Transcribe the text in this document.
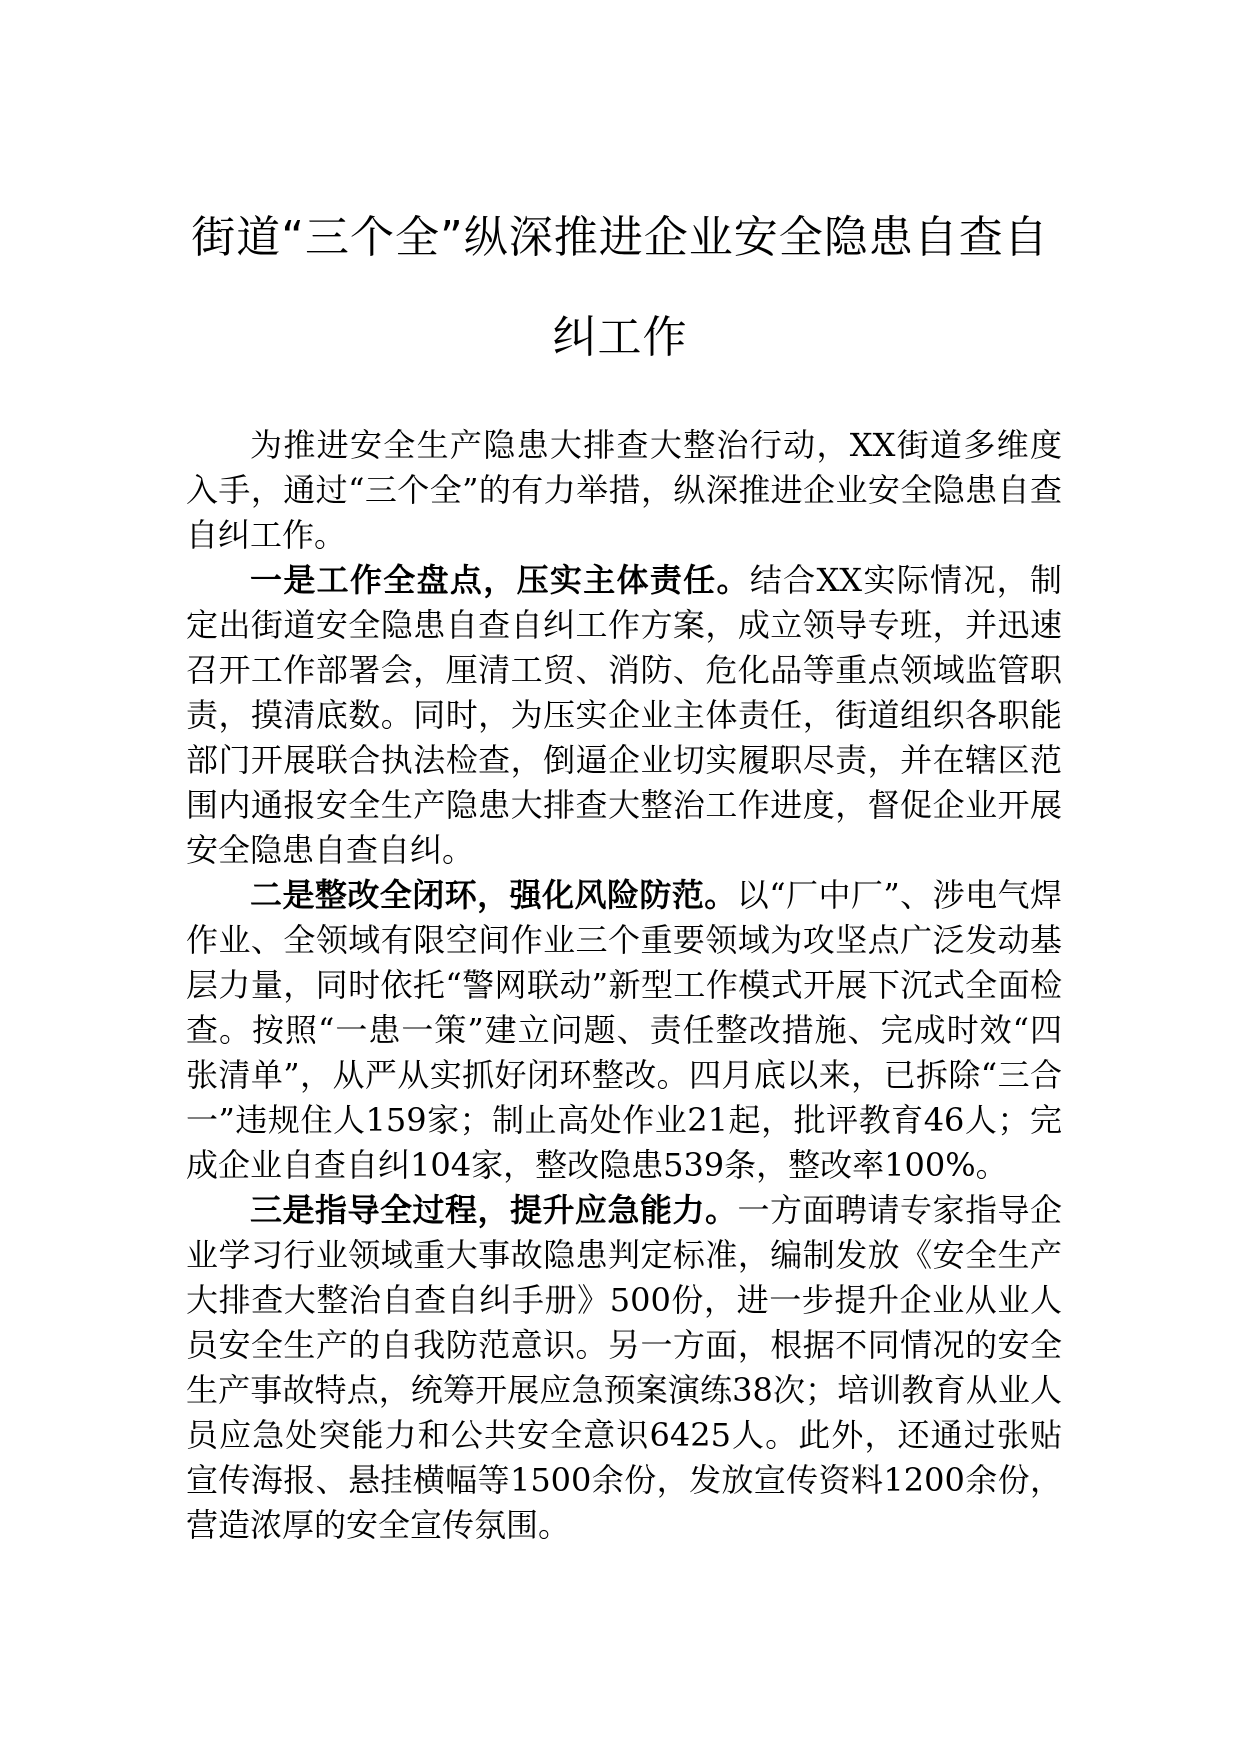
街道“三个全”纵深推进企业安全隐患自查自纠工作

为推进安全生产隐患大排查大整治行动，XX街道多维度入手，通过“三个全”的有力举措，纵深推进企业安全隐患自查自纠工作。

一是工作全盘点，压实主体责任。结合XX实际情况，制定出街道安全隐患自查自纠工作方案，成立领导专班，并迅速召开工作部署会，厘清工贸、消防、危化品等重点领域监管职责，摸清底数。同时，为压实企业主体责任，街道组织各职能部门开展联合执法检查，倒逼企业切实履职尽责，并在辖区范围内通报安全生产隐患大排查大整治工作进度，督促企业开展安全隐患自查自纠。

二是整改全闭环，强化风险防范。以“厂中厂”、涉电气焊作业、全领域有限空间作业三个重要领域为攻坚点广泛发动基层力量，同时依托“警网联动”新型工作模式开展下沉式全面检查。按照“一患一策”建立问题、责任整改措施、完成时效“四张清单”，从严从实抓好闭环整改。四月底以来，已拆除“三合一”违规住人159家；制止高处作业21起，批评教育46人；完成企业自查自纠104家，整改隐患539条，整改率100%。

三是指导全过程，提升应急能力。一方面聘请专家指导企业学习行业领域重大事故隐患判定标准，编制发放《安全生产大排查大整治自查自纠手册》500份，进一步提升企业从业人员安全生产的自我防范意识。另一方面，根据不同情况的安全生产事故特点，统筹开展应急预案演练38次；培训教育从业人员应急处突能力和公共安全意识6425人。此外，还通过张贴宣传海报、悬挂横幅等1500余份，发放宣传资料1200余份，营造浓厚的安全宣传氛围。
